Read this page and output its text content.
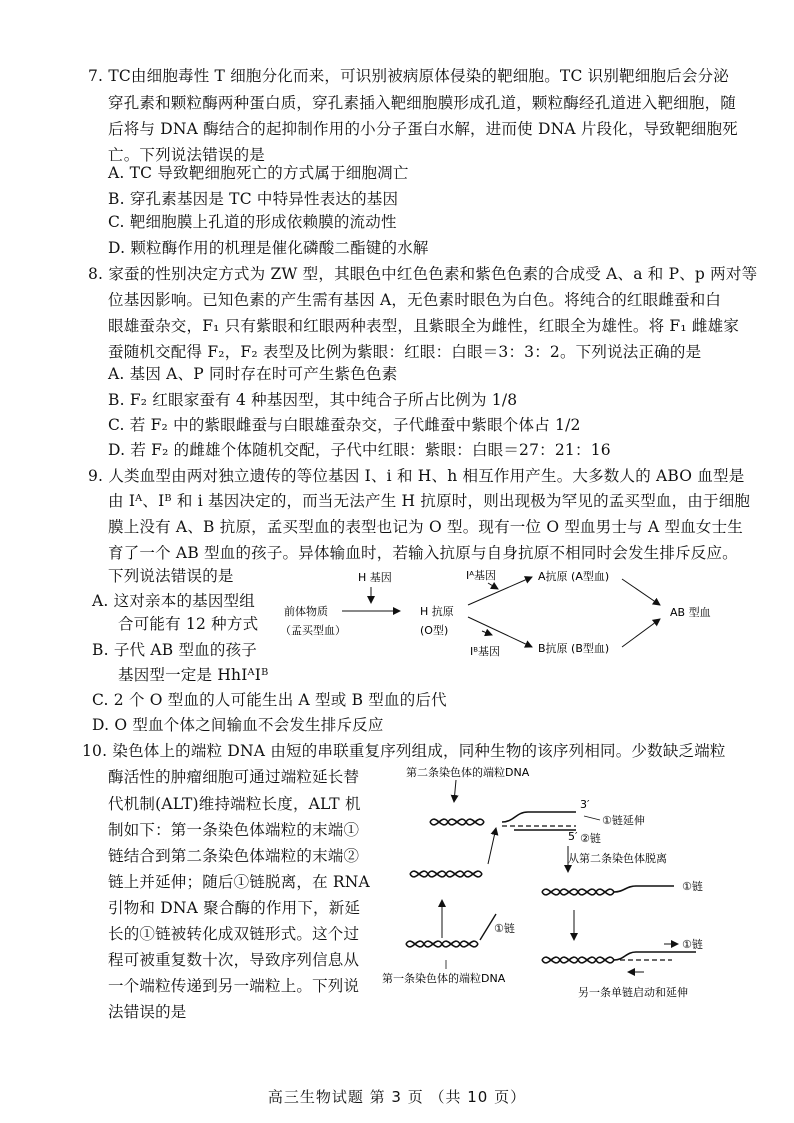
7. TC由细胞毒性 T 细胞分化而来，可识别被病原体侵染的靶细胞。TC 识别靶细胞后会分泌
穿孔素和颗粒酶两种蛋白质，穿孔素插入靶细胞膜形成孔道，颗粒酶经孔道进入靶细胞，随
后将与 DNA 酶结合的起抑制作用的小分子蛋白水解，进而使 DNA 片段化，导致靶细胞死
亡。下列说法错误的是
A. TC 导致靶细胞死亡的方式属于细胞凋亡
B. 穿孔素基因是 TC 中特异性表达的基因
C. 靶细胞膜上孔道的形成依赖膜的流动性
D. 颗粒酶作用的机理是催化磷酸二酯键的水解
8. 家蚕的性别决定方式为 ZW 型，其眼色中红色色素和紫色色素的合成受 A、a 和 P、p 两对等
位基因影响。已知色素的产生需有基因 A，无色素时眼色为白色。将纯合的红眼雌蚕和白
眼雄蚕杂交，F₁ 只有紫眼和红眼两种表型，且紫眼全为雌性，红眼全为雄性。将 F₁ 雌雄家
蚕随机交配得 F₂，F₂ 表型及比例为紫眼：红眼：白眼＝3：3：2。下列说法正确的是
A. 基因 A、P 同时存在时可产生紫色色素
B. F₂ 红眼家蚕有 4 种基因型，其中纯合子所占比例为 1/8
C. 若 F₂ 中的紫眼雌蚕与白眼雄蚕杂交，子代雌蚕中紫眼个体占 1/2
D. 若 F₂ 的雌雄个体随机交配，子代中红眼：紫眼：白眼＝27：21：16
9. 人类血型由两对独立遗传的等位基因 I、i 和 H、h 相互作用产生。大多数人的 ABO 血型是
由 Iᴬ、Iᴮ 和 i 基因决定的，而当无法产生 H 抗原时，则出现极为罕见的孟买型血，由于细胞
膜上没有 A、B 抗原，孟买型血的表型也记为 O 型。现有一位 O 型血男士与 A 型血女士生
育了一个 AB 型血的孩子。异体输血时，若输入抗原与自身抗原不相同时会发生排斥反应。
下列说法错误的是
A. 这对亲本的基因型组
合可能有 12 种方式
B. 子代 AB 型血的孩子
基因型一定是 HhIᴬIᴮ
C. 2 个 O 型血的人可能生出 A 型或 B 型血的后代
D. O 型血个体之间输血不会发生排斥反应
H 基因
前体物质
（孟买型血）
H 抗原
(O型)
Iᴬ基因
Iᴮ基因
A抗原 (A型血)
B抗原 (B型血)
AB 型血
10. 染色体上的端粒 DNA 由短的串联重复序列组成，同种生物的该序列相同。少数缺乏端粒
酶活性的肿瘤细胞可通过端粒延长替
代机制(ALT)维持端粒长度，ALT 机
制如下：第一条染色体端粒的末端①
链结合到第二条染色体端粒的末端②
链上并延伸；随后①链脱离，在 RNA
引物和 DNA 聚合酶的作用下，新延
长的①链被转化成双链形式。这个过
程可被重复数十次，导致序列信息从
一个端粒传递到另一端粒上。下列说
法错误的是
第二条染色体的端粒DNA
3′
①链延伸
5′ ②链
从第二条染色体脱离
①链
①链
第一条染色体的端粒DNA
①链
另一条单链启动和延伸
高三生物试题 第 3 页 （共 10 页）
